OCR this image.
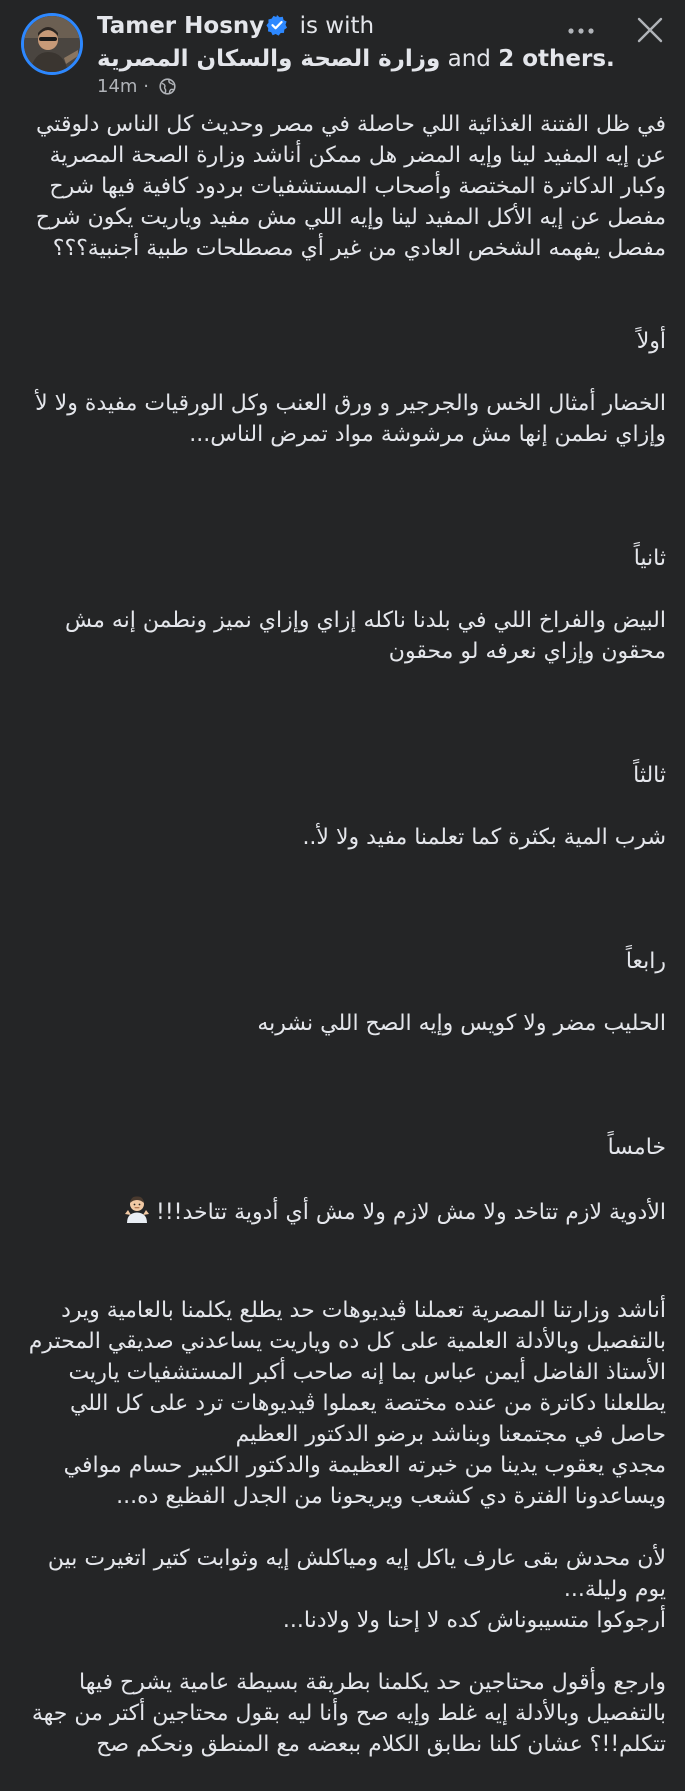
Tamer Hosny is with
وزارة الصحة والسكان المصرية and 2 others.
14m ·

في ظل الفتنة الغذائية اللي حاصلة في مصر وحديث كل الناس دلوقتي عن إيه المفيد لينا وإيه المضر هل ممكن أناشد وزارة الصحة المصرية وكبار الدكاترة المختصة وأصحاب المستشفيات بردود كافية فيها شرح مفصل عن إيه الأكل المفيد لينا وإيه اللي مش مفيد وياريت يكون شرح مفصل يفهمه الشخص العادي من غير أي مصطلحات طبية أجنبية؟؟؟

أولاً

الخضار أمثال الخس والجرجير و ورق العنب وكل الورقيات مفيدة ولا لأ
وإزاي نطمن إنها مش مرشوشة مواد تمرض الناس...

ثانياً

البيض والفراخ اللي في بلدنا ناكله إزاي وإزاي نميز ونطمن إنه مش محقون وإزاي نعرفه لو محقون

ثالثاً

شرب المية بكثرة كما تعلمنا مفيد ولا لأ..

رابعاً

الحليب مضر ولا كويس وإيه الصح اللي نشربه

خامساً

الأدوية لازم تتاخد ولا مش لازم ولا مش أي أدوية تتاخد!!!

أناشد وزارتنا المصرية تعملنا ڤيديوهات حد يطلع يكلمنا بالعامية ويرد بالتفصيل وبالأدلة العلمية على كل ده وياريت يساعدني صديقي المحترم الأستاذ الفاضل أيمن عباس بما إنه صاحب أكبر المستشفيات ياريت يطلعلنا دكاترة من عنده مختصة يعملوا ڤيديوهات ترد على كل اللي حاصل في مجتمعنا وبناشد برضو الدكتور العظيم
مجدي يعقوب يدينا من خبرته العظيمة والدكتور الكبير حسام موافي ويساعدونا الفترة دي كشعب ويريحونا من الجدل الفظيع ده...

لأن محدش بقى عارف ياكل إيه ومياكلش إيه وثوابت كتير اتغيرت بين يوم وليلة...
أرجوكوا متسيبوناش كده لا إحنا ولا ولادنا...

وارجع وأقول محتاجين حد يكلمنا بطريقة بسيطة عامية يشرح فيها بالتفصيل وبالأدلة إيه غلط وإيه صح وأنا ليه بقول محتاجين أكتر من جهة تتكلم!!؟ عشان كلنا نطابق الكلام ببعضه مع المنطق ونحكم صح
